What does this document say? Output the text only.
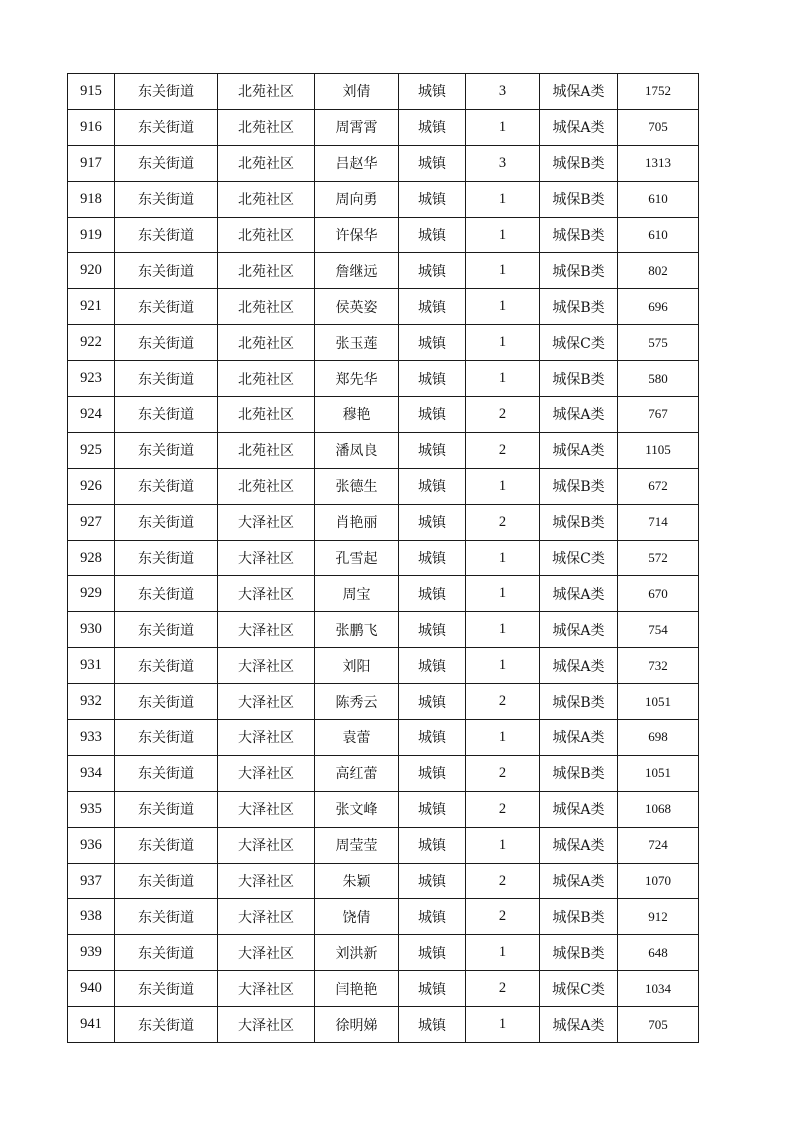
915	东关街道	北苑社区	刘倩	城镇	3	城保A类	1752
916	东关街道	北苑社区	周霄霄	城镇	1	城保A类	705
917	东关街道	北苑社区	吕赵华	城镇	3	城保B类	1313
918	东关街道	北苑社区	周向勇	城镇	1	城保B类	610
919	东关街道	北苑社区	许保华	城镇	1	城保B类	610
920	东关街道	北苑社区	詹继远	城镇	1	城保B类	802
921	东关街道	北苑社区	侯英姿	城镇	1	城保B类	696
922	东关街道	北苑社区	张玉莲	城镇	1	城保C类	575
923	东关街道	北苑社区	郑先华	城镇	1	城保B类	580
924	东关街道	北苑社区	穆艳	城镇	2	城保A类	767
925	东关街道	北苑社区	潘凤良	城镇	2	城保A类	1105
926	东关街道	北苑社区	张德生	城镇	1	城保B类	672
927	东关街道	大泽社区	肖艳丽	城镇	2	城保B类	714
928	东关街道	大泽社区	孔雪起	城镇	1	城保C类	572
929	东关街道	大泽社区	周宝	城镇	1	城保A类	670
930	东关街道	大泽社区	张鹏飞	城镇	1	城保A类	754
931	东关街道	大泽社区	刘阳	城镇	1	城保A类	732
932	东关街道	大泽社区	陈秀云	城镇	2	城保B类	1051
933	东关街道	大泽社区	袁蕾	城镇	1	城保A类	698
934	东关街道	大泽社区	高红蕾	城镇	2	城保B类	1051
935	东关街道	大泽社区	张文峰	城镇	2	城保A类	1068
936	东关街道	大泽社区	周莹莹	城镇	1	城保A类	724
937	东关街道	大泽社区	朱颖	城镇	2	城保A类	1070
938	东关街道	大泽社区	饶倩	城镇	2	城保B类	912
939	东关街道	大泽社区	刘洪新	城镇	1	城保B类	648
940	东关街道	大泽社区	闫艳艳	城镇	2	城保C类	1034
941	东关街道	大泽社区	徐明娣	城镇	1	城保A类	705
